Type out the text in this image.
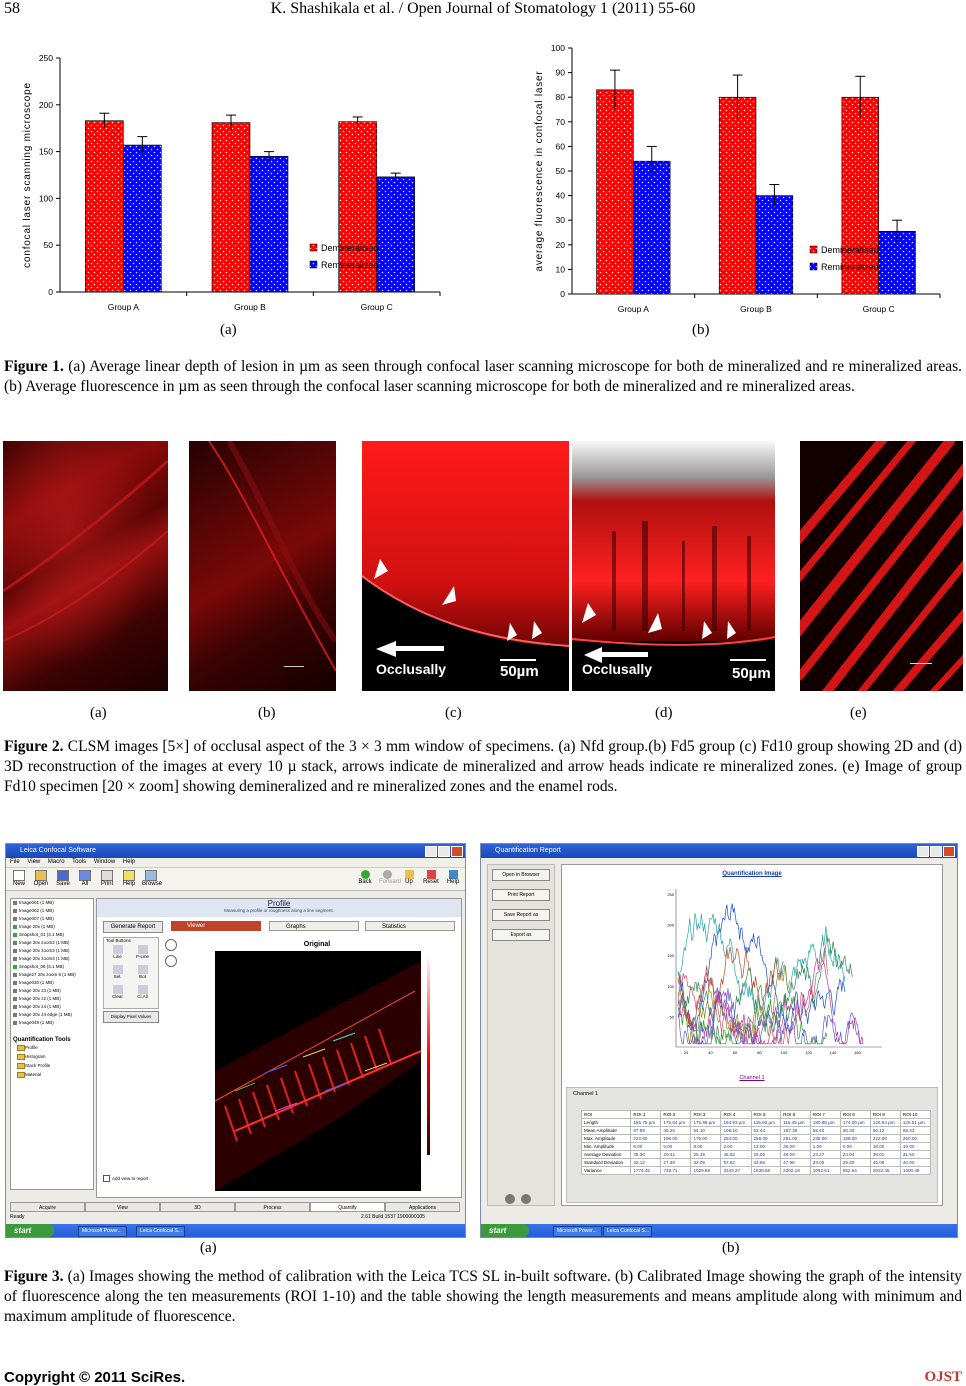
58	K. Shashikala et al. / Open Journal of Stomatology 1 (2011) 55-60
0
50
100
150
200
250
Group A	Group B	Group C
confocal laser scanning microscope	Demineralised
Remineralized
0
10
20
30
40
50
60
70
80
90
100
Group A	Group B	Group C
average fluorescence in confocal laser	Demineralised
Remineralized
(a)	(b)
Figure 1. (a) Average linear depth of lesion in µm as seen through confocal laser scanning microscope for both de mineralized and re mineralized areas. (b) Average fluorescence in µm as seen through the confocal laser scanning microscope for both de mineralized and re mineralized areas.
Occlusally	50µm	Occlusally	50µm
(a)	(b)	(c)	(d)	(e)
Figure 2. CLSM images [5×] of occlusal aspect of the 3 × 3 mm window of specimens. (a) Nfd group.(b) Fd5 group (c) Fd10 group showing 2D and (d) 3D reconstruction of the images at every 10 µ stack, arrows indicate de mineralized and arrow heads indicate re mineralized zones. (e) Image of group Fd10 specimen [20 × zoom] showing demineralized and re mineralized zones and the enamel rods.
Leica Confocal Software
File View Macro Tools Window Help
New	Open	Save	All	Print	Help	Browse	Back Forward Up	Reset	Help
Image001 (1 MB)
Image002 (1 MB)
Image007 (1 MB)
Image 20x (1 MB)
Snapshot_01 (3.1 MB)
Image 20x zoom2 (1 MB)
Image 20x zoom3 (1 MB)
Image 20x zoom4 (1 MB)
Snapshot_08 (3.1 MB)
Image27 20x zoom 8 (1 MB)
Image030 (1 MB)
Image 20x z3 (1 MB)
Image 20x z2 (1 MB)
Image 20x z4 (1 MB)
Image 20x z4 edge (1 MB)
Image049 (1 MB)
Quantification Tools
Profile
Histogram
Stack Profile
Material
Profile
Measuring a profile or roughness along a line segment.
Generate Report	Viewer	Graphs	Statistics
Tool Buttons
Line	P-Line
Sel.	Bot
Clear	Cl.All
Display Pixel Values
Add view to report
Original
Acquire	View	3D	Process	Quantify	Applications
Ready	2.61 Build 1537 1900000105
start	Microsoft Power...	Leica Confocal S...
Quantification Report
Open in Browser
Print Report
Save Report as
Export as
Quantification Image
250
200
150
100
50
20	40	60	80	100	120	140	160
Channel 1
Channel 1
ROI	ROI 1	ROI 2	ROI 3	ROI 4	ROI 5	ROI 6	ROI 7	ROI 8	ROI 9	ROI 10
Length	155.75 µm	175.64 µm	175.98 µm	194.93 µm	115.93 µm	115.45 µm	180.88 µm	174.00 µm	126.84 µm	128.51 µm
Mean Amplitude	87.88	45.26	54.10	106.10	53.44	167.38	58.40	30.33	66.12	69.33
Max. Amplitude	222.00	198.00	175.00	254.00	256.00	251.00	235.00	189.00	222.00	250.00
Min. Amplitude	6.00	5.00	8.00	2.00	13.00	36.00	1.00	0.00	10.00	19.00
Average Deviation	35.36	20.41	25.19	46.62	25.06	46.00	23.27	24.94	38.01	31.50
Standard Deviation	42.12	27.38	32.09	57.82	42.86	47.98	33.05	29.20	45.08	40.00
Variance	1774.45	749.71	1029.88	3343.27	1836.58	2302.18	1092.61	852.54	2032.45	1600.48
start	Microsoft Power...	Leica Confocal S...
(a)	(b)
Figure 3. (a) Images showing the method of calibration with the Leica TCS SL in-built software. (b) Calibrated Image showing the graph of the intensity of fluorescence along the ten measurements (ROI 1-10) and the table showing the length measurements and means amplitude along with minimum and maximum amplitude of fluorescence.
Copyright © 2011 SciRes.	OJST
